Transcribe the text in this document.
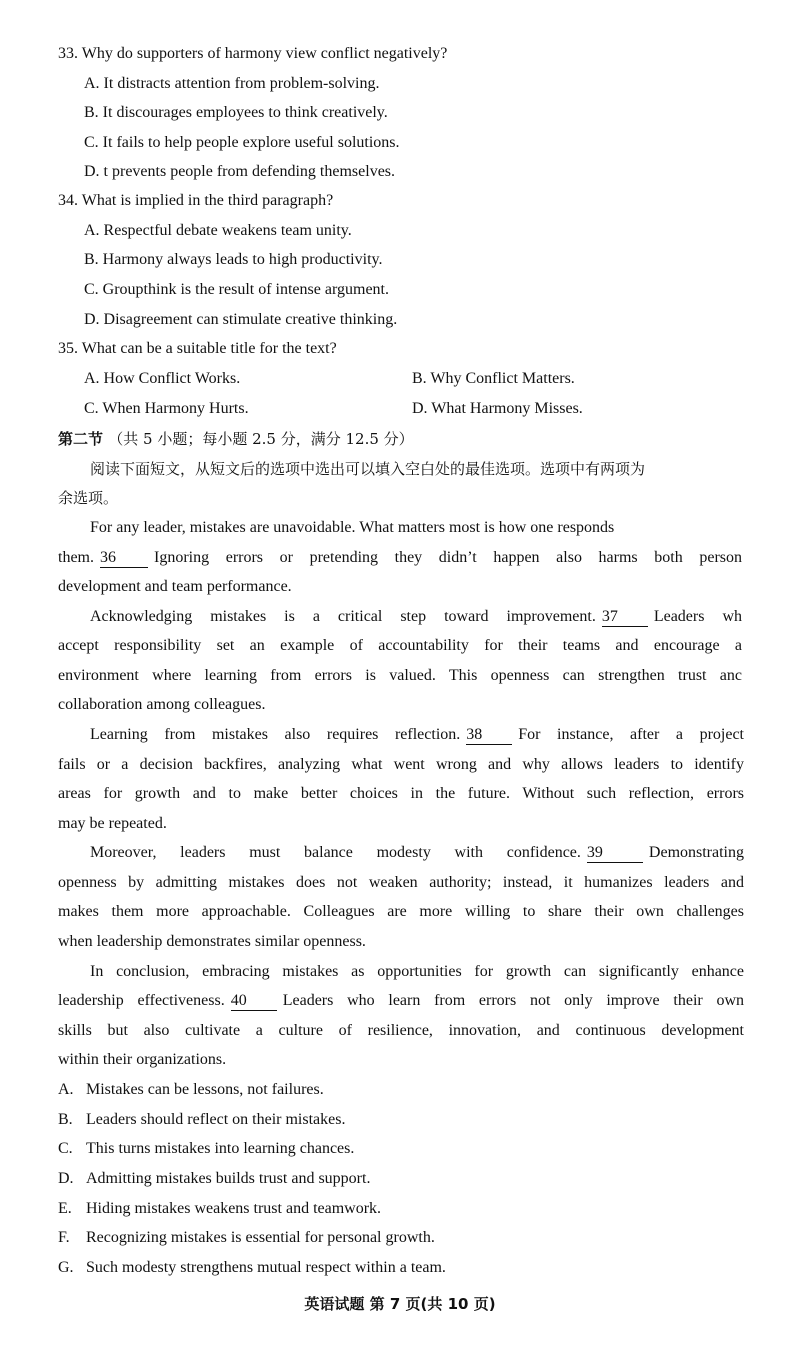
33. Why do supporters of harmony view conflict negatively?
A. It distracts attention from problem-solving.
B. It discourages employees to think creatively.
C. It fails to help people explore useful solutions.
D. t prevents people from defending themselves.
34. What is implied in the third paragraph?
A. Respectful debate weakens team unity.
B. Harmony always leads to high productivity.
C. Groupthink is the result of intense argument.
D. Disagreement can stimulate creative thinking.
35. What can be a suitable title for the text?
A. How Conflict Works.	B. Why Conflict Matters.
C. When Harmony Hurts.	D. What Harmony Misses.
第二节 （共 5 小题；每小题 2.5 分，满分 12.5 分）
阅读下面短文，从短文后的选项中选出可以填入空白处的最佳选项。选项中有两项为
余选项。
For any leader, mistakes are unavoidable. What matters most is how one responds
them. 36 Ignoring errors or pretending they didn’t happen also harms both person
development and team performance.
Acknowledging mistakes is a critical step toward improvement. 37 Leaders wh
accept responsibility set an example of accountability for their teams and encourage a
environment where learning from errors is valued. This openness can strengthen trust anc
collaboration among colleagues.
Learning from mistakes also requires reflection. 38 For instance, after a project
fails or a decision backfires, analyzing what went wrong and why allows leaders to identify
areas for growth and to make better choices in the future. Without such reflection, errors
may be repeated.
Moreover, leaders must balance modesty with confidence. 39	Demonstrating
openness by admitting mistakes does not weaken authority; instead, it humanizes leaders and
makes them more approachable. Colleagues are more willing to share their own challenges
when leadership demonstrates similar openness.
In conclusion, embracing mistakes as opportunities for growth can significantly enhance
leadership effectiveness. 40 Leaders who learn from errors not only improve their own
skills but also cultivate a culture of resilience, innovation, and continuous development
within their organizations.
A. Mistakes can be lessons, not failures.
B. Leaders should reflect on their mistakes.
C. This turns mistakes into learning chances.
D. Admitting mistakes builds trust and support.
E. Hiding mistakes weakens trust and teamwork.
F. Recognizing mistakes is essential for personal growth.
G. Such modesty strengthens mutual respect within a team.
英语试题 第 7 页(共 10 页)
